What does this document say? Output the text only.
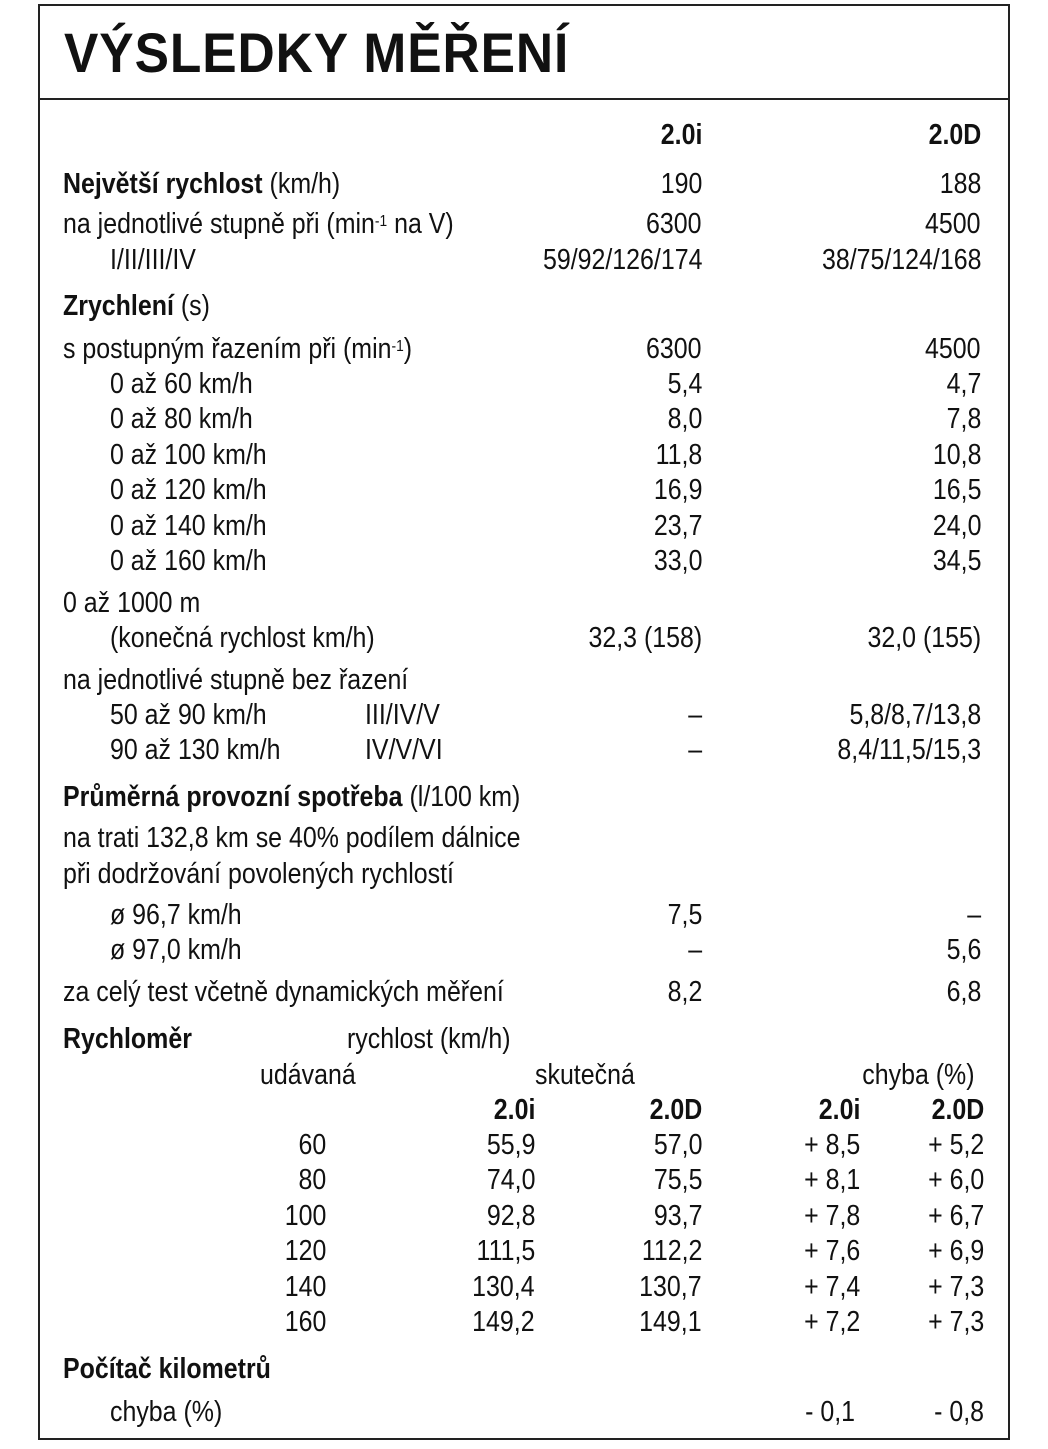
VÝSLEDKY MĚŘENÍ
2.0i	2.0D
Největší rychlost (km/h)	190	188
na jednotlivé stupně při ($\min^{-1}$ na V)	6300	4500
I/II/III/IV	59/92/126/174	38/75/124/168
Zrychlení (s)
s postupným řazením při $(\min^{-1})$	6300	4500
0 až 60 km/h	5,4	4,7
0 až 80 km/h	8,0	7,8
0 až 100 km/h	11,8	10,8
0 až 120 km/h	16,9	16,5
0 až 140 km/h	23,7	24,0
0 až 160 km/h	33,0	34,5
0 až 1000 m
(konečná rychlost km/h)	32,3 (158)	32,0 (155)
na jednotlivé stupně bez řazení
50 až 90 km/h	III/IV/V	–	5,8/8,7/13,8
90 až 130 km/h	IV/V/VI	–	8,4/11,5/15,3
Průměrná provozní spotřeba (l/100 km)
na trati 132,8 km se 40% podílem dálnice
při dodržování povolených rychlostí
ø 96,7 km/h	7,5	–
ø 97,0 km/h	–	5,6
za celý test včetně dynamických měření	8,2	6,8
Rychloměr	rychlost (km/h)
udávaná	skutečná	chyba (%)
2.0i	2.0D	2.0i 2.0D
60	55,9	57,0	+ 8,5 + 5,2
80	74,0	75,5	+ 8,1 + 6,0
100	92,8	93,7	+ 7,8 + 6,7
120	111,5	112,2	+ 7,6 + 6,9
140	130,4	130,7	+ 7,4 + 7,3
160	149,2	149,1	+ 7,2 + 7,3
Počítač kilometrů
chyba (%)	- 0,1	- 0,8
